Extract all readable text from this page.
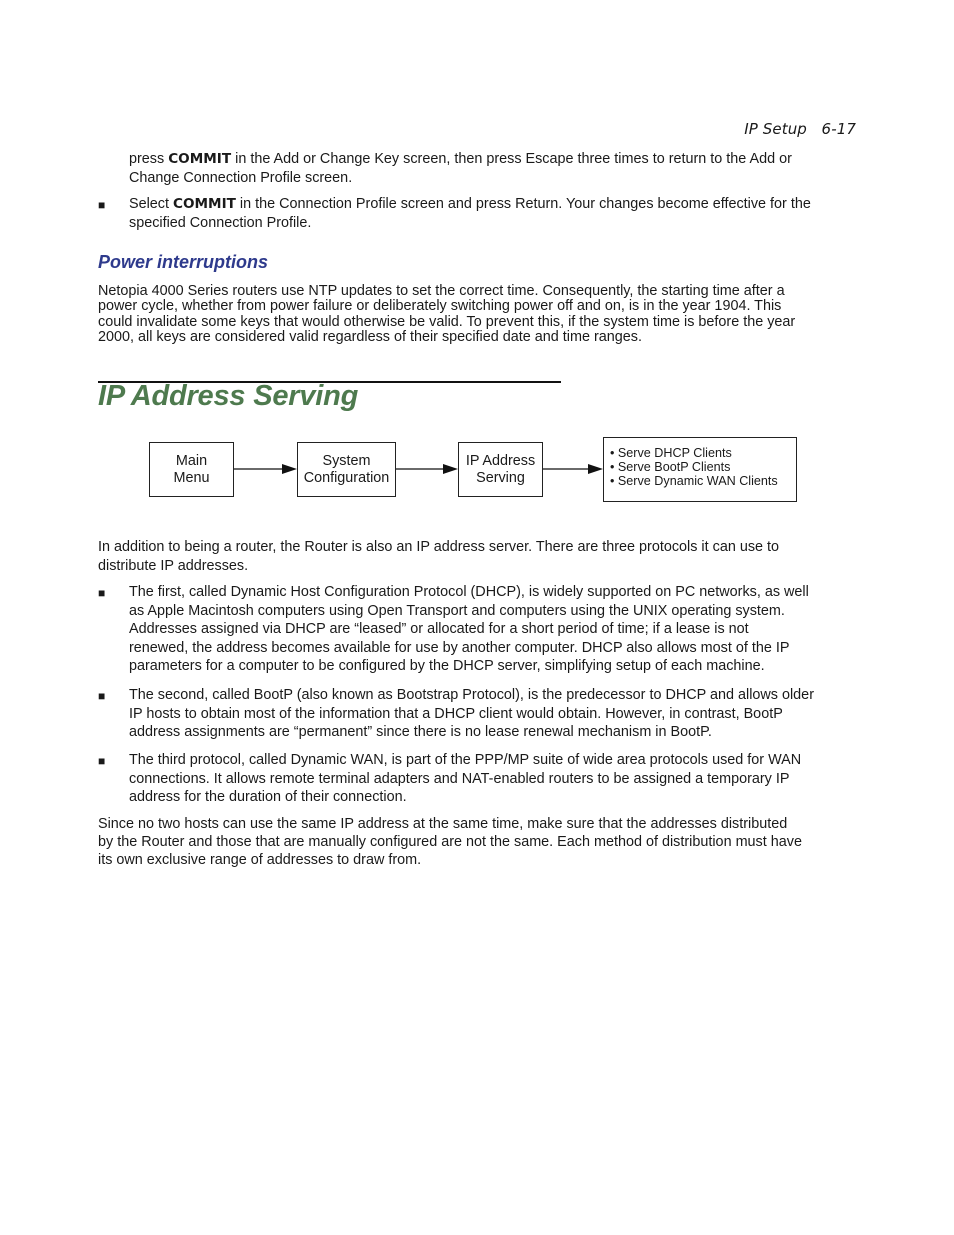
IP Setup 6-17

press COMMIT in the Add or Change Key screen, then press Escape three times to return to the Add or

Change Connection Profile screen.

■ Select COMMIT in the Connection Profile screen and press Return. Your changes become effective for the

specified Connection Profile.

Power interruptions

Netopia 4000 Series routers use NTP updates to set the correct time. Consequently, the starting time after a

power cycle, whether from power failure or deliberately switching power off and on, is in the year 1904. This

could invalidate some keys that would otherwise be valid. To prevent this, if the system time is before the year

2000, all keys are considered valid regardless of their specified date and time ranges.

IP Address Serving
Main
Menu
System
Configuration
IP Address
Serving
• Serve DHCP Clients
• Serve BootP Clients
• Serve Dynamic WAN Clients

In addition to being a router, the Router is also an IP address server. There are three protocols it can use to

distribute IP addresses.

■ The first, called Dynamic Host Configuration Protocol (DHCP), is widely supported on PC networks, as well

as Apple Macintosh computers using Open Transport and computers using the UNIX operating system.

Addresses assigned via DHCP are “leased” or allocated for a short period of time; if a lease is not

renewed, the address becomes available for use by another computer. DHCP also allows most of the IP

parameters for a computer to be configured by the DHCP server, simplifying setup of each machine.

■ The second, called BootP (also known as Bootstrap Protocol), is the predecessor to DHCP and allows older

IP hosts to obtain most of the information that a DHCP client would obtain. However, in contrast, BootP

address assignments are “permanent” since there is no lease renewal mechanism in BootP.

■ The third protocol, called Dynamic WAN, is part of the PPP/MP suite of wide area protocols used for WAN

connections. It allows remote terminal adapters and NAT-enabled routers to be assigned a temporary IP

address for the duration of their connection.

Since no two hosts can use the same IP address at the same time, make sure that the addresses distributed

by the Router and those that are manually configured are not the same. Each method of distribution must have

its own exclusive range of addresses to draw from.
